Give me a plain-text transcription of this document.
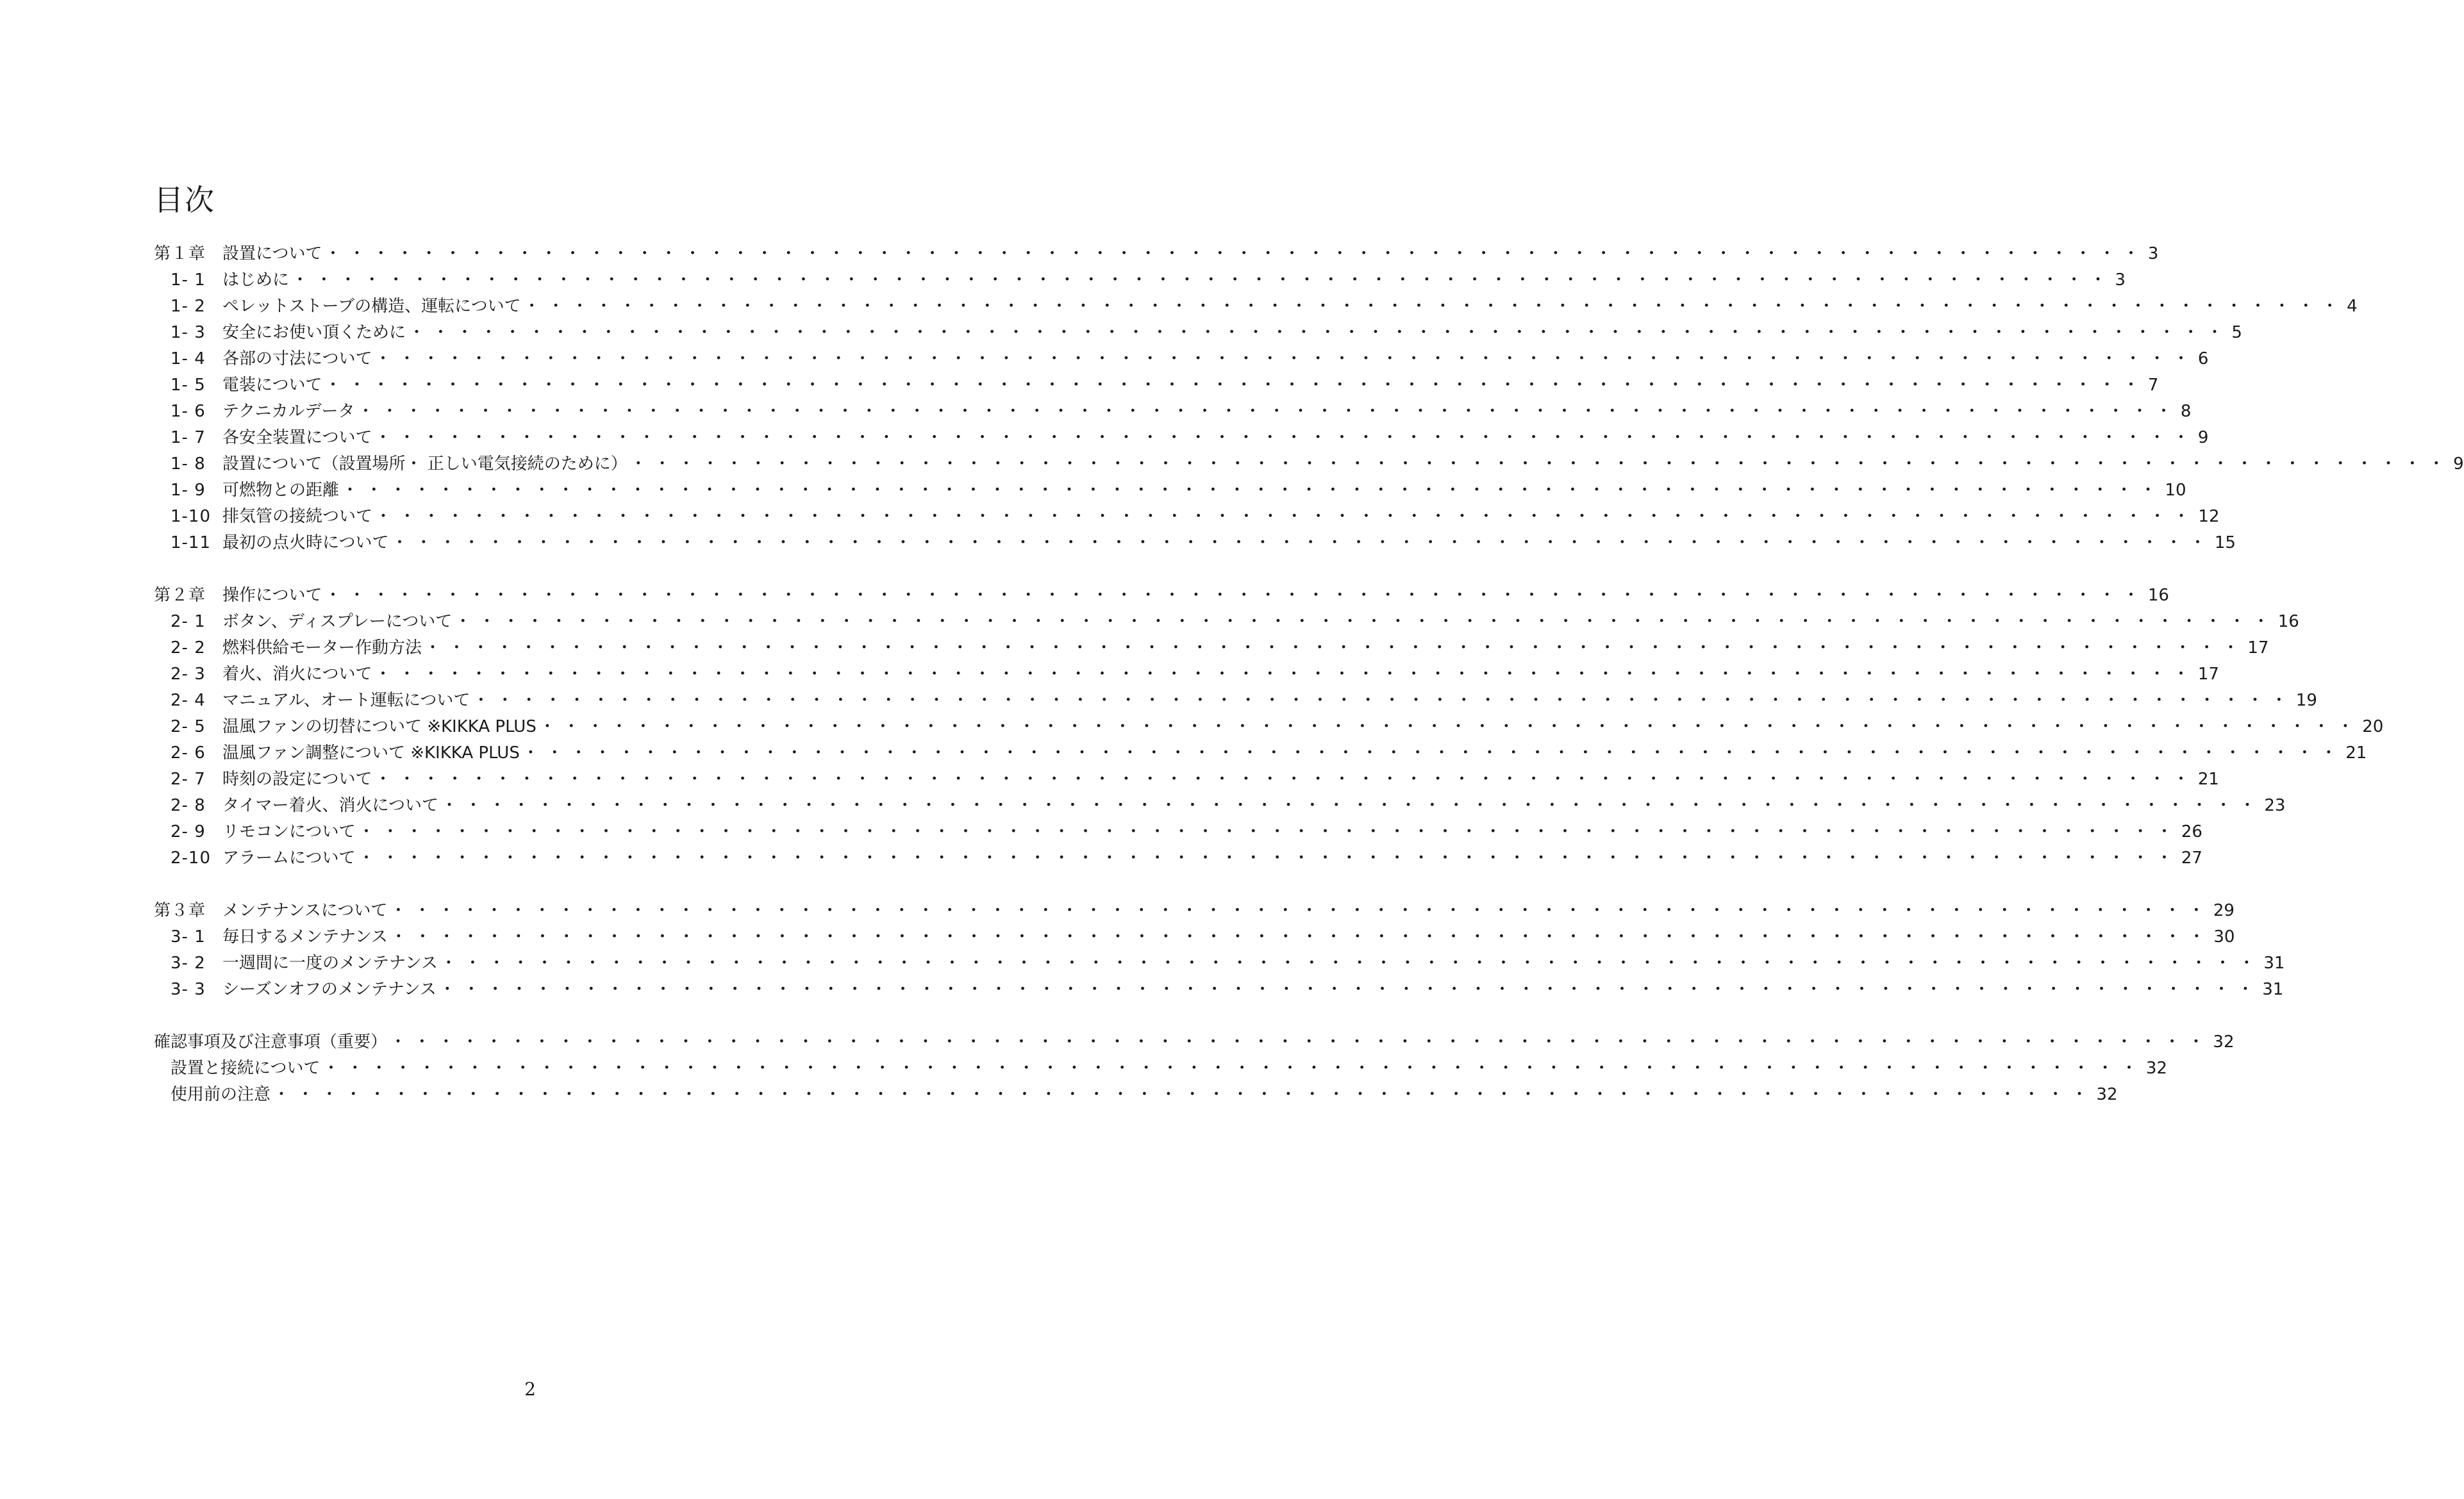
目次
第１章 設置について ・・・・・・・・・・・・・・・・・・・・・・・・・・・・・・・・・・・・・・・・・・・・・・・・・・・・・・・・・・・・・・・・・・・・・・・・・・・・ 3
1- 1	はじめに ・・・・・・・・・・・・・・・・・・・・・・・・・・・・・・・・・・・・・・・・・・・・・・・・・・・・・・・・・・・・・・・・・・・・・・・・・・・・ 3
1- 2	ペレットストーブの構造、運転について ・・・・・・・・・・・・・・・・・・・・・・・・・・・・・・・・・・・・・・・・・・・・・・・・・・・・・・・・・・・・・・・・・・・・・・・・・・・・ 4
1- 3	安全にお使い頂くために ・・・・・・・・・・・・・・・・・・・・・・・・・・・・・・・・・・・・・・・・・・・・・・・・・・・・・・・・・・・・・・・・・・・・・・・・・・・・ 5
1- 4	各部の寸法について ・・・・・・・・・・・・・・・・・・・・・・・・・・・・・・・・・・・・・・・・・・・・・・・・・・・・・・・・・・・・・・・・・・・・・・・・・・・・ 6
1- 5	電装について ・・・・・・・・・・・・・・・・・・・・・・・・・・・・・・・・・・・・・・・・・・・・・・・・・・・・・・・・・・・・・・・・・・・・・・・・・・・・ 7
1- 6	テクニカルデータ ・・・・・・・・・・・・・・・・・・・・・・・・・・・・・・・・・・・・・・・・・・・・・・・・・・・・・・・・・・・・・・・・・・・・・・・・・・・・ 8
1- 7	各安全装置について ・・・・・・・・・・・・・・・・・・・・・・・・・・・・・・・・・・・・・・・・・・・・・・・・・・・・・・・・・・・・・・・・・・・・・・・・・・・・ 9
1- 8	設置について（設置場所・ 正しい電気接続のために） ・・・・・・・・・・・・・・・・・・・・・・・・・・・・・・・・・・・・・・・・・・・・・・・・・・・・・・・・・・・・・・・・・・・・・・・・・・・・ 9
1- 9	可燃物との距離 ・・・・・・・・・・・・・・・・・・・・・・・・・・・・・・・・・・・・・・・・・・・・・・・・・・・・・・・・・・・・・・・・・・・・・・・・・・・・ 10
1-10 排気管の接続ついて ・・・・・・・・・・・・・・・・・・・・・・・・・・・・・・・・・・・・・・・・・・・・・・・・・・・・・・・・・・・・・・・・・・・・・・・・・・・・ 12
1-11 最初の点火時について ・・・・・・・・・・・・・・・・・・・・・・・・・・・・・・・・・・・・・・・・・・・・・・・・・・・・・・・・・・・・・・・・・・・・・・・・・・・・ 15
第２章 操作について ・・・・・・・・・・・・・・・・・・・・・・・・・・・・・・・・・・・・・・・・・・・・・・・・・・・・・・・・・・・・・・・・・・・・・・・・・・・・ 16
2- 1	ボタン、ディスプレーについて ・・・・・・・・・・・・・・・・・・・・・・・・・・・・・・・・・・・・・・・・・・・・・・・・・・・・・・・・・・・・・・・・・・・・・・・・・・・・ 16
2- 2	燃料供給モーター作動方法 ・・・・・・・・・・・・・・・・・・・・・・・・・・・・・・・・・・・・・・・・・・・・・・・・・・・・・・・・・・・・・・・・・・・・・・・・・・・・ 17
2- 3	着火、消火について ・・・・・・・・・・・・・・・・・・・・・・・・・・・・・・・・・・・・・・・・・・・・・・・・・・・・・・・・・・・・・・・・・・・・・・・・・・・・ 17
2- 4	マニュアル、オート運転について ・・・・・・・・・・・・・・・・・・・・・・・・・・・・・・・・・・・・・・・・・・・・・・・・・・・・・・・・・・・・・・・・・・・・・・・・・・・・ 19
2- 5	温風ファンの切替について ※KIKKA PLUS ・・・・・・・・・・・・・・・・・・・・・・・・・・・・・・・・・・・・・・・・・・・・・・・・・・・・・・・・・・・・・・・・・・・・・・・・・・・・ 20
2- 6	温風ファン調整について ※KIKKA PLUS ・・・・・・・・・・・・・・・・・・・・・・・・・・・・・・・・・・・・・・・・・・・・・・・・・・・・・・・・・・・・・・・・・・・・・・・・・・・・ 21
2- 7	時刻の設定について ・・・・・・・・・・・・・・・・・・・・・・・・・・・・・・・・・・・・・・・・・・・・・・・・・・・・・・・・・・・・・・・・・・・・・・・・・・・・ 21
2- 8	タイマー着火、消火について ・・・・・・・・・・・・・・・・・・・・・・・・・・・・・・・・・・・・・・・・・・・・・・・・・・・・・・・・・・・・・・・・・・・・・・・・・・・・ 23
2- 9	リモコンについて ・・・・・・・・・・・・・・・・・・・・・・・・・・・・・・・・・・・・・・・・・・・・・・・・・・・・・・・・・・・・・・・・・・・・・・・・・・・・ 26
2-10 アラームについて ・・・・・・・・・・・・・・・・・・・・・・・・・・・・・・・・・・・・・・・・・・・・・・・・・・・・・・・・・・・・・・・・・・・・・・・・・・・・ 27
第３章 メンテナンスについて ・・・・・・・・・・・・・・・・・・・・・・・・・・・・・・・・・・・・・・・・・・・・・・・・・・・・・・・・・・・・・・・・・・・・・・・・・・・・ 29
3- 1	毎日するメンテナンス ・・・・・・・・・・・・・・・・・・・・・・・・・・・・・・・・・・・・・・・・・・・・・・・・・・・・・・・・・・・・・・・・・・・・・・・・・・・・ 30
3- 2	一週間に一度のメンテナンス ・・・・・・・・・・・・・・・・・・・・・・・・・・・・・・・・・・・・・・・・・・・・・・・・・・・・・・・・・・・・・・・・・・・・・・・・・・・・ 31
3- 3	シーズンオフのメンテナンス ・・・・・・・・・・・・・・・・・・・・・・・・・・・・・・・・・・・・・・・・・・・・・・・・・・・・・・・・・・・・・・・・・・・・・・・・・・・・ 31
確認事項及び注意事項（重要） ・・・・・・・・・・・・・・・・・・・・・・・・・・・・・・・・・・・・・・・・・・・・・・・・・・・・・・・・・・・・・・・・・・・・・・・・・・・・ 32
設置と接続について ・・・・・・・・・・・・・・・・・・・・・・・・・・・・・・・・・・・・・・・・・・・・・・・・・・・・・・・・・・・・・・・・・・・・・・・・・・・・ 32
使用前の注意 ・・・・・・・・・・・・・・・・・・・・・・・・・・・・・・・・・・・・・・・・・・・・・・・・・・・・・・・・・・・・・・・・・・・・・・・・・・・・ 32
2
